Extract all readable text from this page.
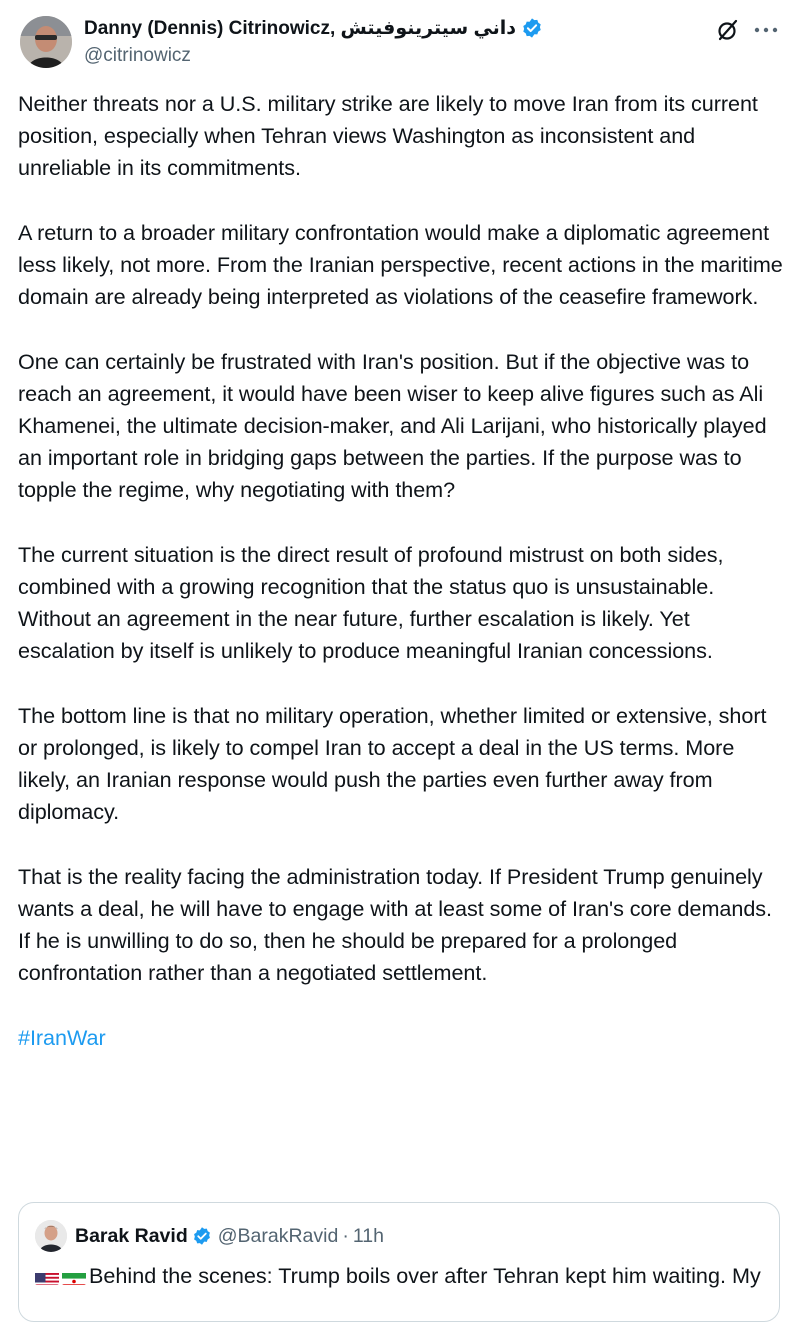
Danny (Dennis) Citrinowicz, داني سيترينوفيتش
@citrinowicz

Neither threats nor a U.S. military strike are likely to move Iran from its current position, especially when Tehran views Washington as inconsistent and unreliable in its commitments.

A return to a broader military confrontation would make a diplomatic agreement less likely, not more. From the Iranian perspective, recent actions in the maritime domain are already being interpreted as violations of the ceasefire framework.

One can certainly be frustrated with Iran's position. But if the objective was to reach an agreement, it would have been wiser to keep alive figures such as Ali Khamenei, the ultimate decision-maker, and Ali Larijani, who historically played an important role in bridging gaps between the parties. If the purpose was to topple the regime, why negotiating with them?

The current situation is the direct result of profound mistrust on both sides, combined with a growing recognition that the status quo is unsustainable. Without an agreement in the near future, further escalation is likely. Yet escalation by itself is unlikely to produce meaningful Iranian concessions.

The bottom line is that no military operation, whether limited or extensive, short or prolonged, is likely to compel Iran to accept a deal in the US terms. More likely, an Iranian response would push the parties even further away from diplomacy.

That is the reality facing the administration today. If President Trump genuinely wants a deal, he will have to engage with at least some of Iran's core demands. If he is unwilling to do so, then he should be prepared for a prolonged confrontation rather than a negotiated settlement.

#IranWar

Barak Ravid @BarakRavid · 11h
Behind the scenes: Trump boils over after Tehran kept him waiting. My
